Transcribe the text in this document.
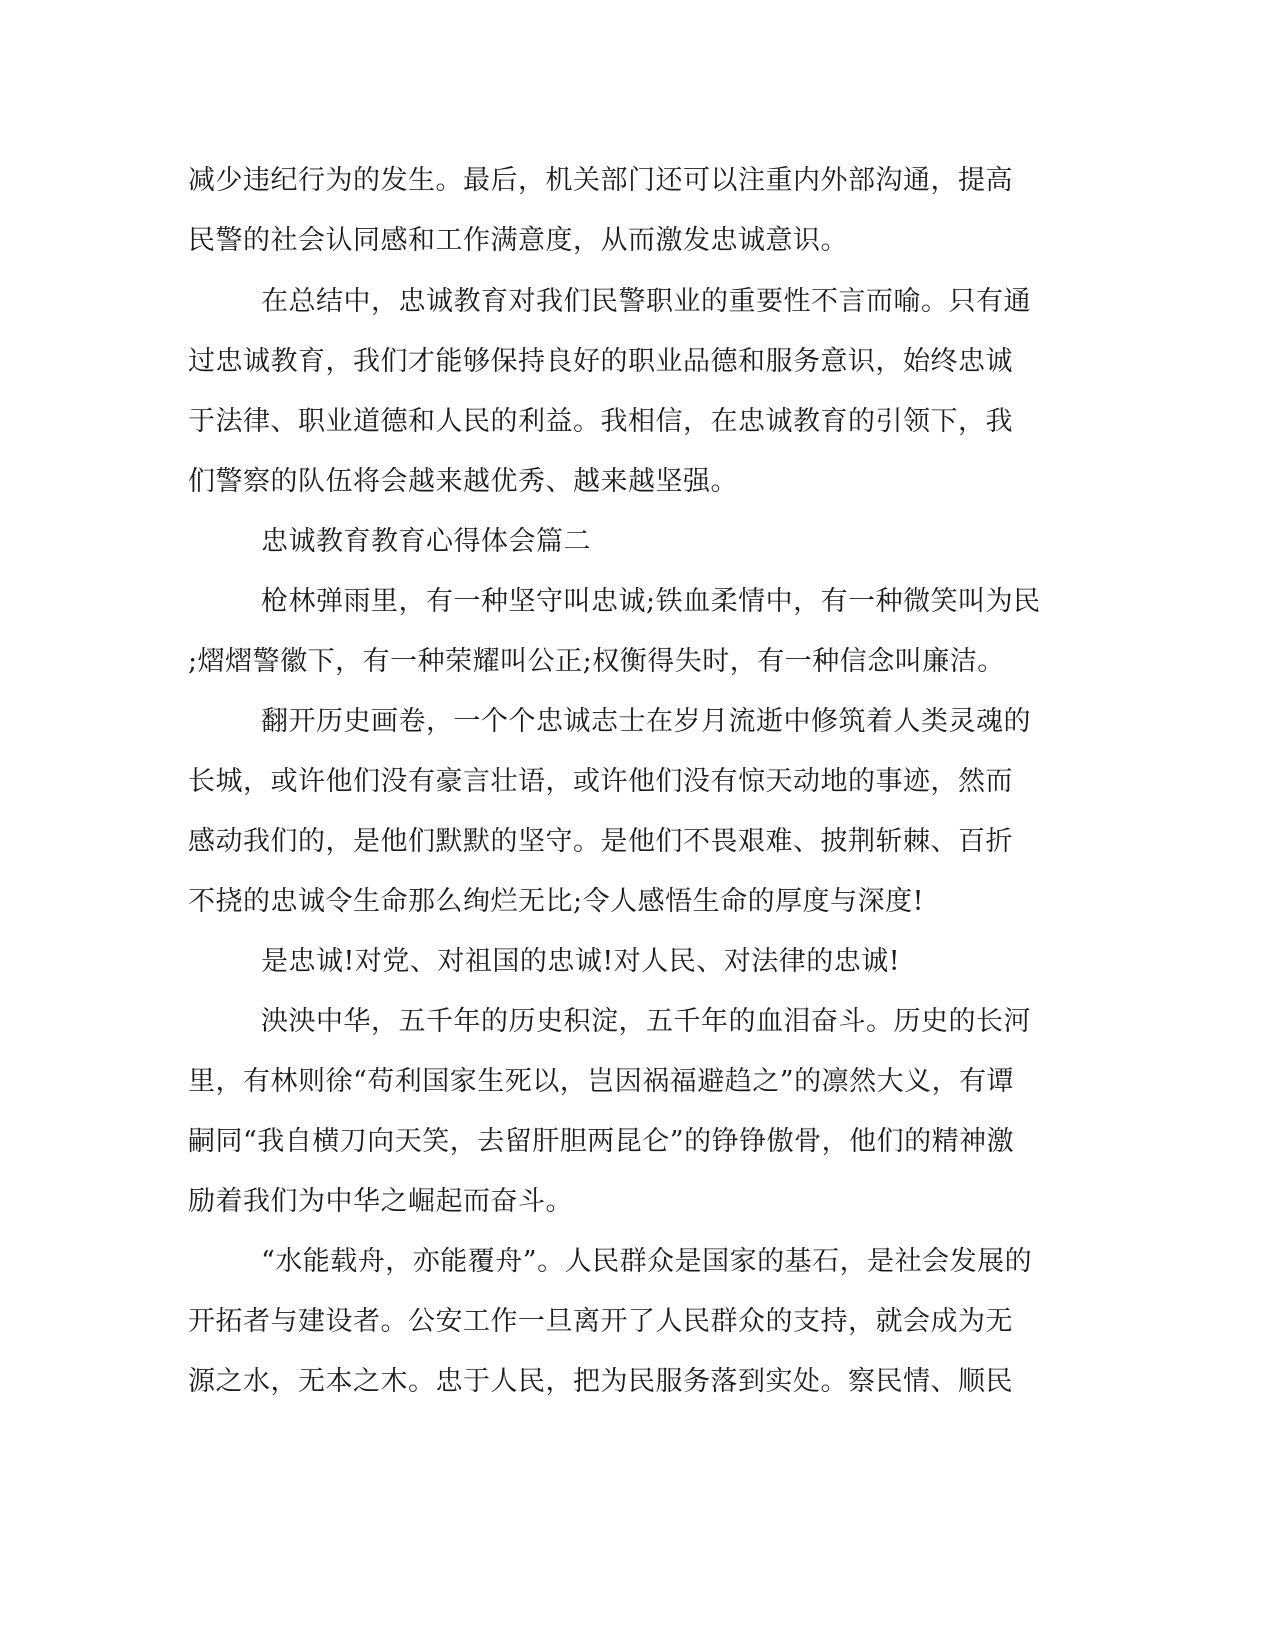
减少违纪行为的发生。最后，机关部门还可以注重内外部沟通，提高
民警的社会认同感和工作满意度，从而激发忠诚意识。
在总结中，忠诚教育对我们民警职业的重要性不言而喻。只有通
过忠诚教育，我们才能够保持良好的职业品德和服务意识，始终忠诚
于法律、职业道德和人民的利益。我相信，在忠诚教育的引领下，我
们警察的队伍将会越来越优秀、越来越坚强。
忠诚教育教育心得体会篇二
枪林弹雨里，有一种坚守叫忠诚;铁血柔情中，有一种微笑叫为民
;熠熠警徽下，有一种荣耀叫公正;权衡得失时，有一种信念叫廉洁。
翻开历史画卷，一个个忠诚志士在岁月流逝中修筑着人类灵魂的
长城，或许他们没有豪言壮语，或许他们没有惊天动地的事迹，然而
感动我们的，是他们默默的坚守。是他们不畏艰难、披荆斩棘、百折
不挠的忠诚令生命那么绚烂无比;令人感悟生命的厚度与深度!
是忠诚!对党、对祖国的忠诚!对人民、对法律的忠诚!
泱泱中华，五千年的历史积淀，五千年的血泪奋斗。历史的长河
里，有林则徐“苟利国家生死以，岂因祸福避趋之”的凛然大义，有谭
嗣同“我自横刀向天笑，去留肝胆两昆仑”的铮铮傲骨，他们的精神激
励着我们为中华之崛起而奋斗。
“水能载舟，亦能覆舟”。人民群众是国家的基石，是社会发展的
开拓者与建设者。公安工作一旦离开了人民群众的支持，就会成为无
源之水，无本之木。忠于人民，把为民服务落到实处。察民情、顺民
